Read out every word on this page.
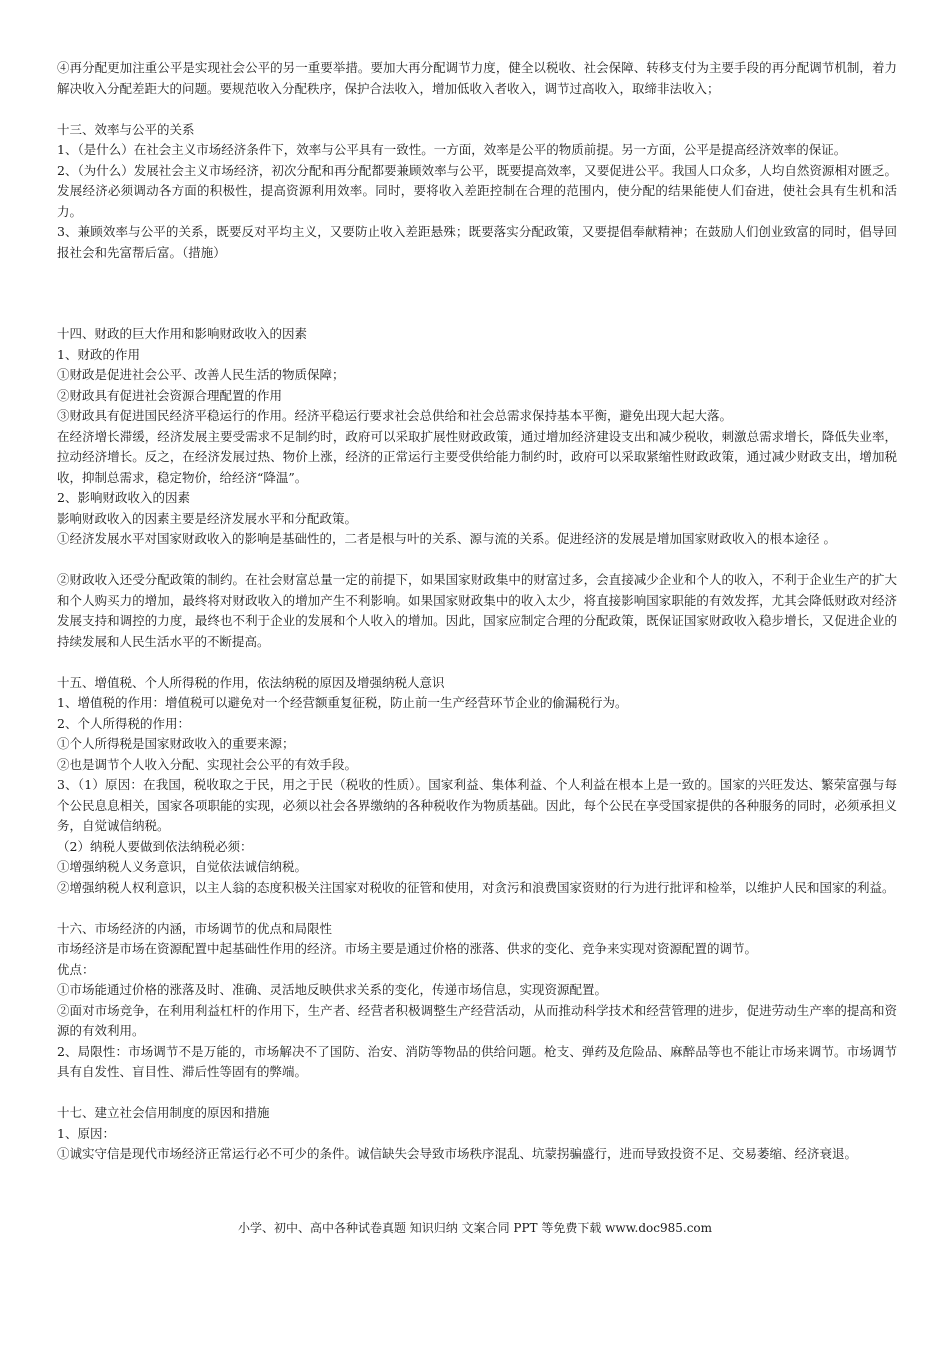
④再分配更加注重公平是实现社会公平的另一重要举措。要加大再分配调节力度，健全以税收、社会保障、转移支付为主要手段的再分配调节机制，着力解决收入分配差距大的问题。要规范收入分配秩序，保护合法收入，增加低收入者收入，调节过高收入，取缔非法收入；

十三、效率与公平的关系

1、（是什么）在社会主义市场经济条件下，效率与公平具有一致性。一方面，效率是公平的物质前提。另一方面，公平是提高经济效率的保证。

2、（为什么）发展社会主义市场经济，初次分配和再分配都要兼顾效率与公平，既要提高效率，又要促进公平。我国人口众多，人均自然资源相对匮乏。发展经济必须调动各方面的积极性，提高资源利用效率。同时，要将收入差距控制在合理的范围内，使分配的结果能使人们奋进，使社会具有生机和活力。

3、兼顾效率与公平的关系，既要反对平均主义，又要防止收入差距悬殊；既要落实分配政策，又要提倡奉献精神；在鼓励人们创业致富的同时，倡导回报社会和先富帮后富。（措施）

十四、财政的巨大作用和影响财政收入的因素

1、财政的作用

①财政是促进社会公平、改善人民生活的物质保障；

②财政具有促进社会资源合理配置的作用

③财政具有促进国民经济平稳运行的作用。经济平稳运行要求社会总供给和社会总需求保持基本平衡，避免出现大起大落。

在经济增长滞缓，经济发展主要受需求不足制约时，政府可以采取扩展性财政政策，通过增加经济建设支出和减少税收，刺激总需求增长，降低失业率，拉动经济增长。反之，在经济发展过热、物价上涨，经济的正常运行主要受供给能力制约时，政府可以采取紧缩性财政政策，通过减少财政支出，增加税收，抑制总需求，稳定物价，给经济“降温”。

2、影响财政收入的因素

影响财政收入的因素主要是经济发展水平和分配政策。

①经济发展水平对国家财政收入的影响是基础性的，二者是根与叶的关系、源与流的关系。促进经济的发展是增加国家财政收入的根本途径 。

②财政收入还受分配政策的制约。在社会财富总量一定的前提下，如果国家财政集中的财富过多，会直接减少企业和个人的收入，不利于企业生产的扩大和个人购买力的增加，最终将对财政收入的增加产生不利影响。如果国家财政集中的收入太少，将直接影响国家职能的有效发挥，尤其会降低财政对经济发展支持和调控的力度，最终也不利于企业的发展和个人收入的增加。因此，国家应制定合理的分配政策，既保证国家财政收入稳步增长，又促进企业的持续发展和人民生活水平的不断提高。

十五、增值税、个人所得税的作用，依法纳税的原因及增强纳税人意识

1、增值税的作用：增值税可以避免对一个经营额重复征税，防止前一生产经营环节企业的偷漏税行为。

2、个人所得税的作用：

①个人所得税是国家财政收入的重要来源；

②也是调节个人收入分配、实现社会公平的有效手段。

3、（1）原因：在我国，税收取之于民，用之于民（税收的性质）。国家利益、集体利益、个人利益在根本上是一致的。国家的兴旺发达、繁荣富强与每个公民息息相关，国家各项职能的实现，必须以社会各界缴纳的各种税收作为物质基础。因此，每个公民在享受国家提供的各种服务的同时，必须承担义务，自觉诚信纳税。

（2）纳税人要做到依法纳税必须：

①增强纳税人义务意识，自觉依法诚信纳税。

②增强纳税人权利意识，以主人翁的态度积极关注国家对税收的征管和使用，对贪污和浪费国家资财的行为进行批评和检举，以维护人民和国家的利益。

十六、市场经济的内涵，市场调节的优点和局限性

市场经济是市场在资源配置中起基础性作用的经济。市场主要是通过价格的涨落、供求的变化、竞争来实现对资源配置的调节。

优点：

①市场能通过价格的涨落及时、准确、灵活地反映供求关系的变化，传递市场信息，实现资源配置。

②面对市场竞争，在利用利益杠杆的作用下，生产者、经营者积极调整生产经营活动，从而推动科学技术和经营管理的进步，促进劳动生产率的提高和资源的有效利用。

2、局限性：市场调节不是万能的，市场解决不了国防、治安、消防等物品的供给问题。枪支、弹药及危险品、麻醉品等也不能让市场来调节。市场调节具有自发性、盲目性、滞后性等固有的弊端。

十七、建立社会信用制度的原因和措施

1、原因：

①诚实守信是现代市场经济正常运行必不可少的条件。诚信缺失会导致市场秩序混乱、坑蒙拐骗盛行，进而导致投资不足、交易萎缩、经济衰退。

小学、初中、高中各种试卷真题 知识归纳 文案合同 PPT 等免费下载 www.doc985.com
